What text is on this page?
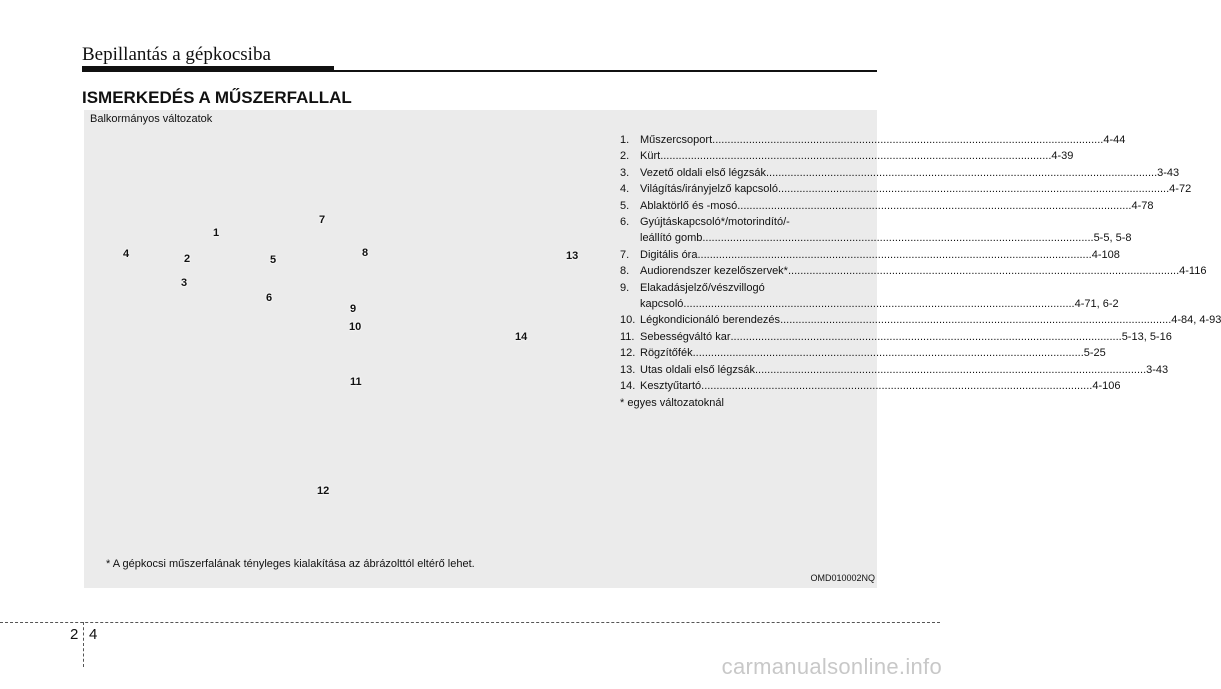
Bepillantás a gépkocsiba
ISMERKEDÉS A MŰSZERFALLAL
Balkormányos változatok
1
2
3
4	5
6
7
8
9
10
11
12
13
14
1. Műszercsoport .....	4-44
2. Kürt .....	4-39
3. Vezető oldali első légzsák .....	3-43
4. Világítás/irányjelző kapcsoló .....	4-72
5. Ablaktörlő és -mosó. .....	4-78
6. Gyújtáskapcsoló*/motorindító/-
leállító gomb .....	5-5, 5-8
7. Digitális óra. .....	4-108
8. Audiorendszer kezelőszervek* .....	4-116
9. Elakadásjelző/vészvillogó
kapcsoló .....	4-71, 6-2
10. Légkondicionáló berendezés .....	4-84, 4-93
11. Sebességváltó kar .....	5-13, 5-16
12. Rögzítőfék .....	5-25
13. Utas oldali első légzsák .....	3-43
14. Kesztyűtartó .....	4-106
* egyes változatoknál
* A gépkocsi műszerfalának tényleges kialakítása az ábrázolttól eltérő lehet.
OMD010002NQ
2 4
carmanualsonline.info
